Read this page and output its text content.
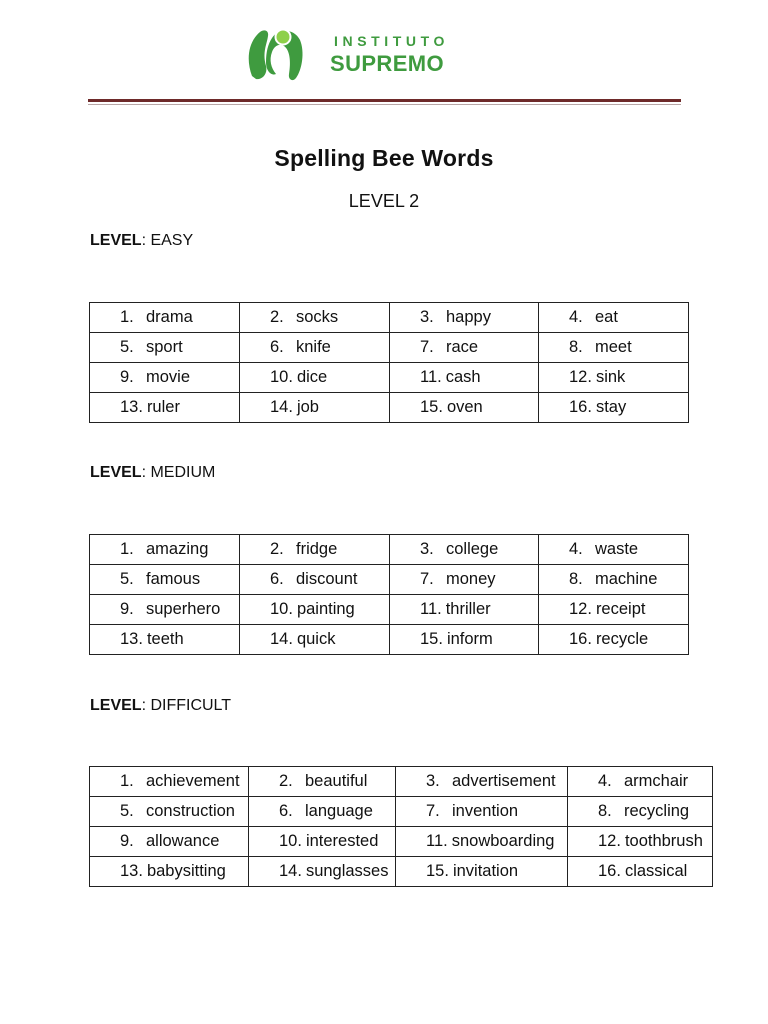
INSTITUTO
SUPREMO
Spelling Bee Words
LEVEL 2
LEVEL: EASY
1. drama	2. socks	3. happy	4. eat
5. sport	6. knife	7. race	8. meet
9. movie	10. dice	11. cash	12. sink
13. ruler	14. job	15. oven	16. stay
LEVEL: MEDIUM
1. amazing	2. fridge	3. college	4. waste
5. famous	6. discount	7. money	8. machine
9. superhero	10. painting	11. thriller	12. receipt
13. teeth	14. quick	15. inform	16. recycle
LEVEL: DIFFICULT
1. achievement	2. beautiful	3. advertisement	4. armchair
5. construction	6. language	7. invention	8. recycling
9. allowance	10. interested	11. snowboarding	12. toothbrush
13. babysitting	14. sunglasses	15. invitation	16. classical
